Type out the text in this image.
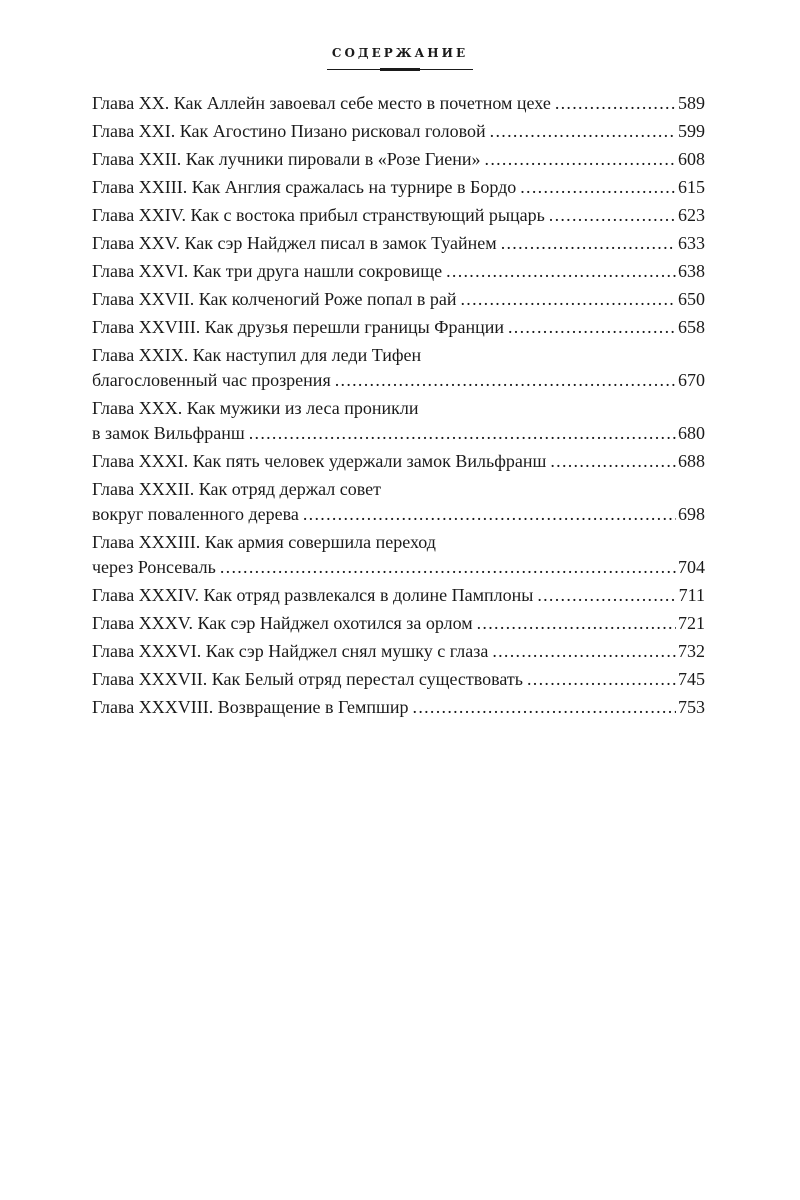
СОДЕРЖАНИЕ
Глава XX. Как Аллейн завоевал себе место в почетном цехе . . .	589
Глава XXI. Как Агостино Пизано рисковал головой . . .	599
Глава XXII. Как лучники пировали в «Розе Гиени» . . .	608
Глава XXIII. Как Англия сражалась на турнире в Бордо . . .	615
Глава XXIV. Как с востока прибыл странствующий рыцарь . . .	623
Глава XXV. Как сэр Найджел писал в замок Туайнем . . .	633
Глава XXVI. Как три друга нашли сокровище . . .	638
Глава XXVII. Как колченогий Роже попал в рай . . .	650
Глава XXVIII. Как друзья перешли границы Франции . . .	658
Глава XXIX. Как наступил для леди Тифен
благословенный час прозрения . . .	670
Глава XXX. Как мужики из леса проникли
в замок Вильфранш . . .	680
Глава XXXI. Как пять человек удержали замок Вильфранш . . .	688
Глава XXXII. Как отряд держал совет
вокруг поваленного дерева . . .	698
Глава XXXIII. Как армия совершила переход
через Ронсеваль . . .	704
Глава XXXIV. Как отряд развлекался в долине Памплоны . . .	711
Глава XXXV. Как сэр Найджел охотился за орлом . . .	721
Глава XXXVI. Как сэр Найджел снял мушку с глаза . . .	732
Глава XXXVII. Как Белый отряд перестал существовать . . .	745
Глава XXXVIII. Возвращение в Гемпшир . . .	753
